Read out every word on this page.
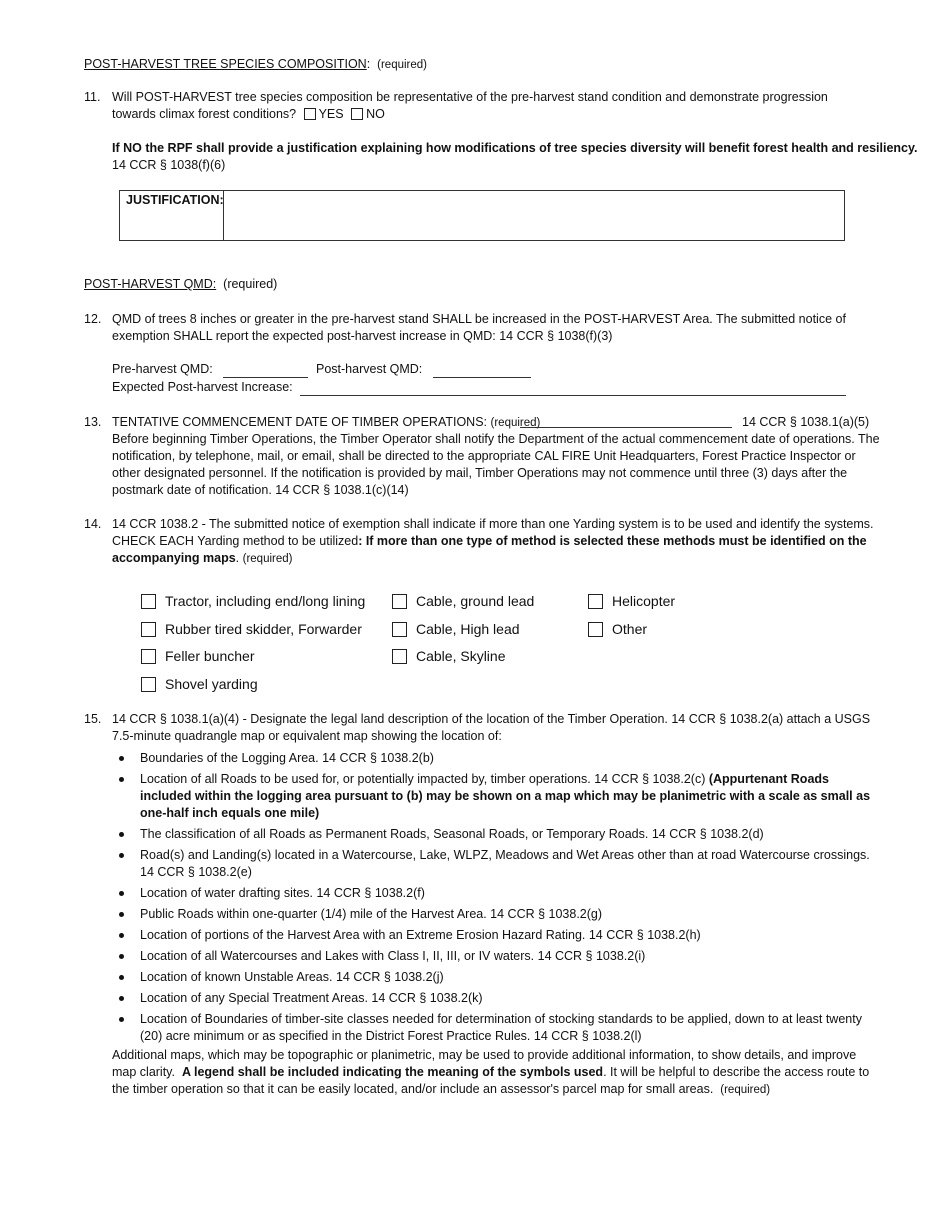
POST-HARVEST TREE SPECIES COMPOSITION: (required)
11. Will POST-HARVEST tree species composition be representative of the pre-harvest stand condition and demonstrate progression towards climax forest conditions? YES NO
If NO the RPF shall provide a justification explaining how modifications of tree species diversity will benefit forest health and resiliency.
14 CCR § 1038(f)(6)
JUSTIFICATION:
POST-HARVEST QMD: (required)
12. QMD of trees 8 inches or greater in the pre-harvest stand SHALL be increased in the POST-HARVEST Area. The submitted notice of exemption SHALL report the expected post-harvest increase in QMD: 14 CCR § 1038(f)(3)
Pre-harvest QMD:	Post-harvest QMD:
Expected Post-harvest Increase:
13. TENTATIVE COMMENCEMENT DATE OF TIMBER OPERATIONS: (required)	14 CCR § 1038.1(a)(5)
Before beginning Timber Operations, the Timber Operator shall notify the Department of the actual commencement date of operations. The notification, by telephone, mail, or email, shall be directed to the appropriate CAL FIRE Unit Headquarters, Forest Practice Inspector or other designated personnel. If the notification is provided by mail, Timber Operations may not commence until three (3) days after the postmark date of notification. 14 CCR § 1038.1(c)(14)
14. 14 CCR 1038.2 - The submitted notice of exemption shall indicate if more than one Yarding system is to be used and identify the systems.
CHECK EACH Yarding method to be utilized: If more than one type of method is selected these methods must be identified on the accompanying maps. (required)
Tractor, including end/long lining
Rubber tired skidder, Forwarder
Feller buncher
Shovel yarding
Cable, ground lead
Cable, High lead
Cable, Skyline
Helicopter
Other
15. 14 CCR § 1038.1(a)(4) - Designate the legal land description of the location of the Timber Operation. 14 CCR § 1038.2(a) attach a USGS 7.5-minute quadrangle map or equivalent map showing the location of:
Boundaries of the Logging Area. 14 CCR § 1038.2(b)
Location of all Roads to be used for, or potentially impacted by, timber operations. 14 CCR § 1038.2(c) (Appurtenant Roads included within the logging area pursuant to (b) may be shown on a map which may be planimetric with a scale as small as one-half inch equals one mile)
The classification of all Roads as Permanent Roads, Seasonal Roads, or Temporary Roads. 14 CCR § 1038.2(d)
Road(s) and Landing(s) located in a Watercourse, Lake, WLPZ, Meadows and Wet Areas other than at road Watercourse crossings. 14 CCR § 1038.2(e)
Location of water drafting sites. 14 CCR § 1038.2(f)
Public Roads within one-quarter (1/4) mile of the Harvest Area. 14 CCR § 1038.2(g)
Location of portions of the Harvest Area with an Extreme Erosion Hazard Rating. 14 CCR § 1038.2(h)
Location of all Watercourses and Lakes with Class I, II, III, or IV waters. 14 CCR § 1038.2(i)
Location of known Unstable Areas. 14 CCR § 1038.2(j)
Location of any Special Treatment Areas. 14 CCR § 1038.2(k)
Location of Boundaries of timber-site classes needed for determination of stocking standards to be applied, down to at least twenty (20) acre minimum or as specified in the District Forest Practice Rules. 14 CCR § 1038.2(l)
Additional maps, which may be topographic or planimetric, may be used to provide additional information, to show details, and improve map clarity. A legend shall be included indicating the meaning of the symbols used. It will be helpful to describe the access route to the timber operation so that it can be easily located, and/or include an assessor's parcel map for small areas. (required)
